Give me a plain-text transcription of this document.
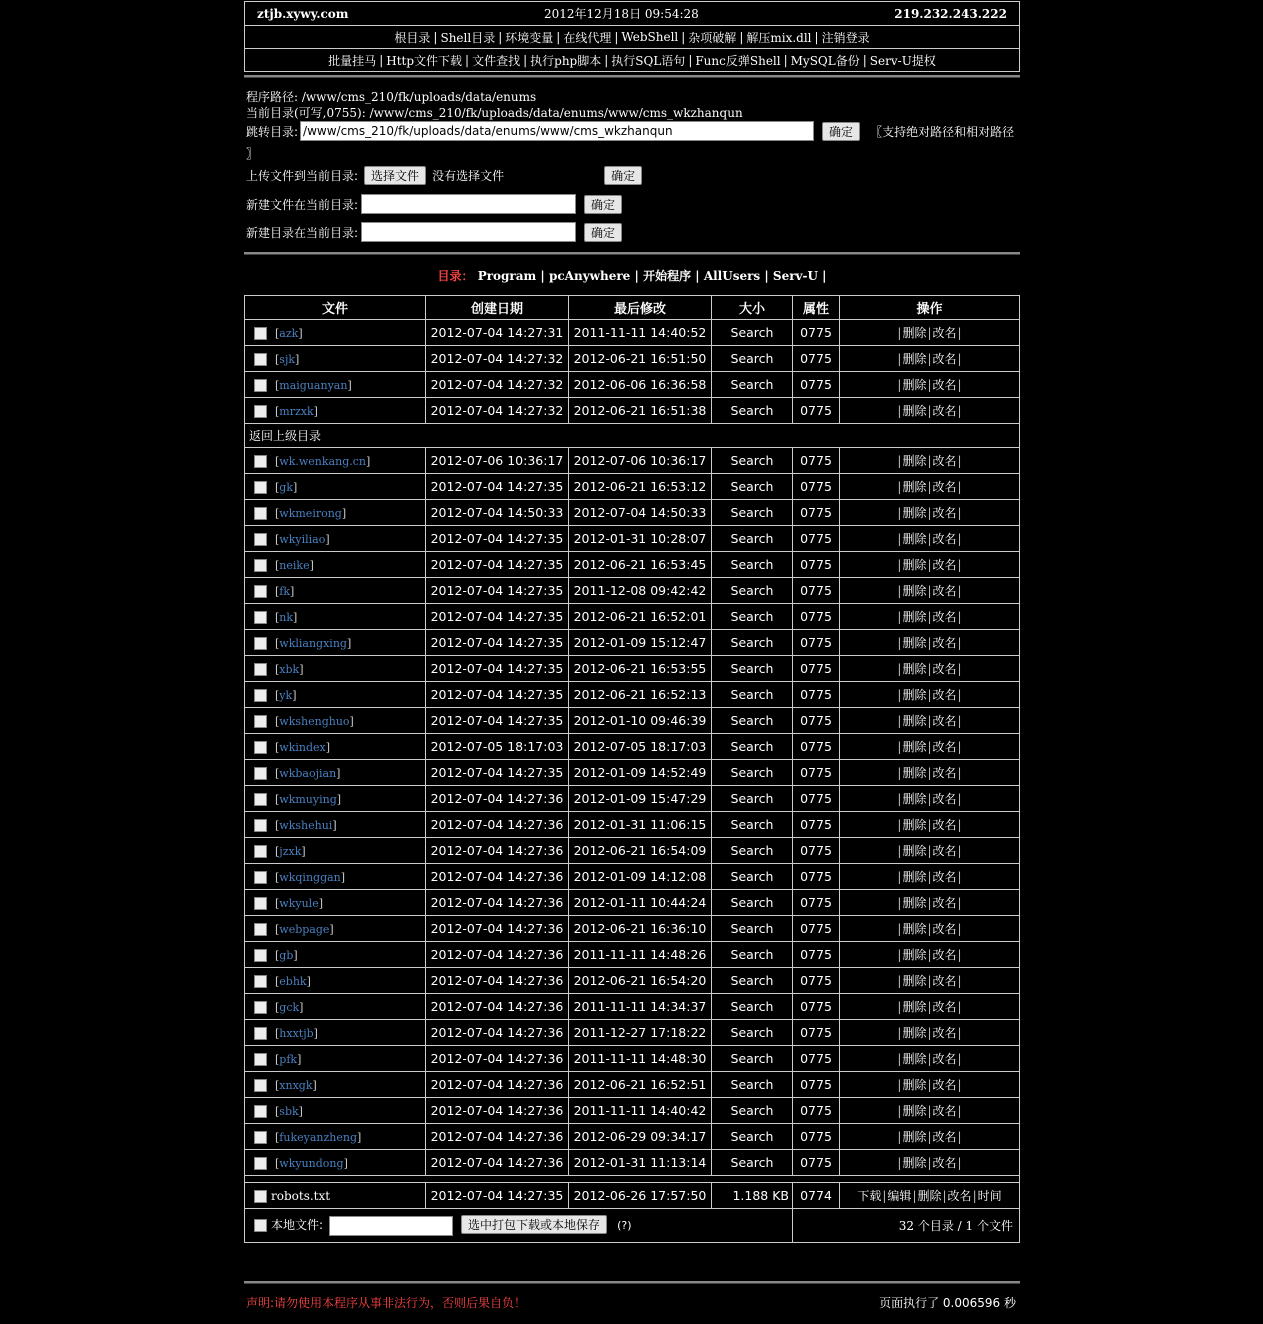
ztjb.xywy.com	2012年12月18日 09:54:28	219.232.243.222
根目录 | Shell目录 | 环境变量 | 在线代理 | WebShell | 杂项破解 | 解压mix.dll | 注销登录
批量挂马 | Http文件下载 | 文件查找 | 执行php脚本 | 执行SQL语句 | Func反弹Shell | MySQL备份 | Serv-U提权
程序路径: /www/cms_210/fk/uploads/data/enums
当前目录(可写,0755): /www/cms_210/fk/uploads/data/enums/www/cms_wkzhanqun
跳转目录:
/www/cms_210/fk/uploads/data/enums/www/cms_wkzhanqun	确定	〖支持绝对路径和相对路径
〗
上传文件到当前目录:	选择文件	没有选择文件	确定
新建文件在当前目录:	确定
新建目录在当前目录:	确定
目录： Program | pcAnywhere | 开始程序 | AllUsers | Serv-U |
文件	创建日期	最后修改	大小	属性	操作
[azk]	2012-07-04 14:27:31	2011-11-11 14:40:52	Search	0775	|删除|改名|
[sjk]	2012-07-04 14:27:32	2012-06-21 16:51:50	Search	0775	|删除|改名|
[maiguanyan]	2012-07-04 14:27:32	2012-06-06 16:36:58	Search	0775	|删除|改名|
[mrzxk]	2012-07-04 14:27:32	2012-06-21 16:51:38	Search	0775	|删除|改名|
返回上级目录					
[wk.wenkang.cn]	2012-07-06 10:36:17	2012-07-06 10:36:17	Search	0775	|删除|改名|
[gk]	2012-07-04 14:27:35	2012-06-21 16:53:12	Search	0775	|删除|改名|
[wkmeirong]	2012-07-04 14:50:33	2012-07-04 14:50:33	Search	0775	|删除|改名|
[wkyiliao]	2012-07-04 14:27:35	2012-01-31 10:28:07	Search	0775	|删除|改名|
[neike]	2012-07-04 14:27:35	2012-06-21 16:53:45	Search	0775	|删除|改名|
[fk]	2012-07-04 14:27:35	2011-12-08 09:42:42	Search	0775	|删除|改名|
[nk]	2012-07-04 14:27:35	2012-06-21 16:52:01	Search	0775	|删除|改名|
[wkliangxing]	2012-07-04 14:27:35	2012-01-09 15:12:47	Search	0775	|删除|改名|
[xbk]	2012-07-04 14:27:35	2012-06-21 16:53:55	Search	0775	|删除|改名|
[yk]	2012-07-04 14:27:35	2012-06-21 16:52:13	Search	0775	|删除|改名|
[wkshenghuo]	2012-07-04 14:27:35	2012-01-10 09:46:39	Search	0775	|删除|改名|
[wkindex]	2012-07-05 18:17:03	2012-07-05 18:17:03	Search	0775	|删除|改名|
[wkbaojian]	2012-07-04 14:27:35	2012-01-09 14:52:49	Search	0775	|删除|改名|
[wkmuying]	2012-07-04 14:27:36	2012-01-09 15:47:29	Search	0775	|删除|改名|
[wkshehui]	2012-07-04 14:27:36	2012-01-31 11:06:15	Search	0775	|删除|改名|
[jzxk]	2012-07-04 14:27:36	2012-06-21 16:54:09	Search	0775	|删除|改名|
[wkqinggan]	2012-07-04 14:27:36	2012-01-09 14:12:08	Search	0775	|删除|改名|
[wkyule]	2012-07-04 14:27:36	2012-01-11 10:44:24	Search	0775	|删除|改名|
[webpage]	2012-07-04 14:27:36	2012-06-21 16:36:10	Search	0775	|删除|改名|
[gb]	2012-07-04 14:27:36	2011-11-11 14:48:26	Search	0775	|删除|改名|
[ebhk]	2012-07-04 14:27:36	2012-06-21 16:54:20	Search	0775	|删除|改名|
[gck]	2012-07-04 14:27:36	2011-11-11 14:34:37	Search	0775	|删除|改名|
[hxxtjb]	2012-07-04 14:27:36	2011-12-27 17:18:22	Search	0775	|删除|改名|
[pfk]	2012-07-04 14:27:36	2011-11-11 14:48:30	Search	0775	|删除|改名|
[xnxgk]	2012-07-04 14:27:36	2012-06-21 16:52:51	Search	0775	|删除|改名|
[sbk]	2012-07-04 14:27:36	2011-11-11 14:40:42	Search	0775	|删除|改名|
[fukeyanzheng]	2012-07-04 14:27:36	2012-06-29 09:34:17	Search	0775	|删除|改名|
[wkyundong]	2012-07-04 14:27:36	2012-01-31 11:13:14	Search	0775	|删除|改名|

robots.txt	2012-07-04 14:27:35	2012-06-26 17:57:50	1.188 KB	0774	下载|编辑|删除|改名|时间
本地文件: 选中打包下载或本地保存 (?)				32 个目录 / 1 个文件	
声明:请勿使用本程序从事非法行为，否则后果自负！	页面执行了 0.006596 秒
